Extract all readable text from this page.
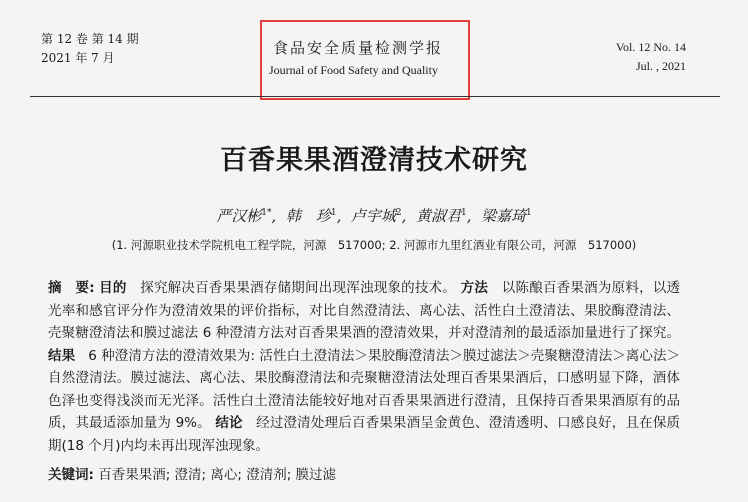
第 12 卷 第 14 期
2021 年 7 月
食品安全质量检测学报
Journal of Food Safety and Quality
Vol. 12 No. 14
Jul. , 2021
百香果果酒澄清技术研究
严汉彬$^{1*}$,  韩　珍$^1$,  卢宇城$^2$,  黄淑君$^1$,  梁嘉琦$^1$
(1. 河源职业技术学院机电工程学院，河源　517000; 2. 河源市九里红酒业有限公司，河源　517000)
摘　要: 目的 探究解决百香果果酒存储期间出现浑浊现象的技术。 方法 以陈酿百香果酒为原料，以透光率和感官评分作为澄清效果的评价指标，对比自然澄清法、离心法、活性白土澄清法、果胶酶澄清法、壳聚糖澄清法和膜过滤法 6 种澄清方法对百香果果酒的澄清效果，并对澄清剂的最适添加量进行了探究。 结果 6 种澄清方法的澄清效果为: 活性白土澄清法＞果胶酶澄清法＞膜过滤法＞壳聚糖澄清法＞离心法＞自然澄清法。膜过滤法、离心法、果胶酶澄清法和壳聚糖澄清法处理百香果果酒后，口感明显下降，酒体色泽也变得浅淡而无光泽。活性白土澄清法能较好地对百香果果酒进行澄清，且保持百香果果酒原有的品质，其最适添加量为 9%。 结论 经过澄清处理后百香果果酒呈金黄色、澄清透明、口感良好，且在保质期(18 个月)内均未再出现浑浊现象。
关键词: 百香果果酒; 澄清; 离心; 澄清剂; 膜过滤
